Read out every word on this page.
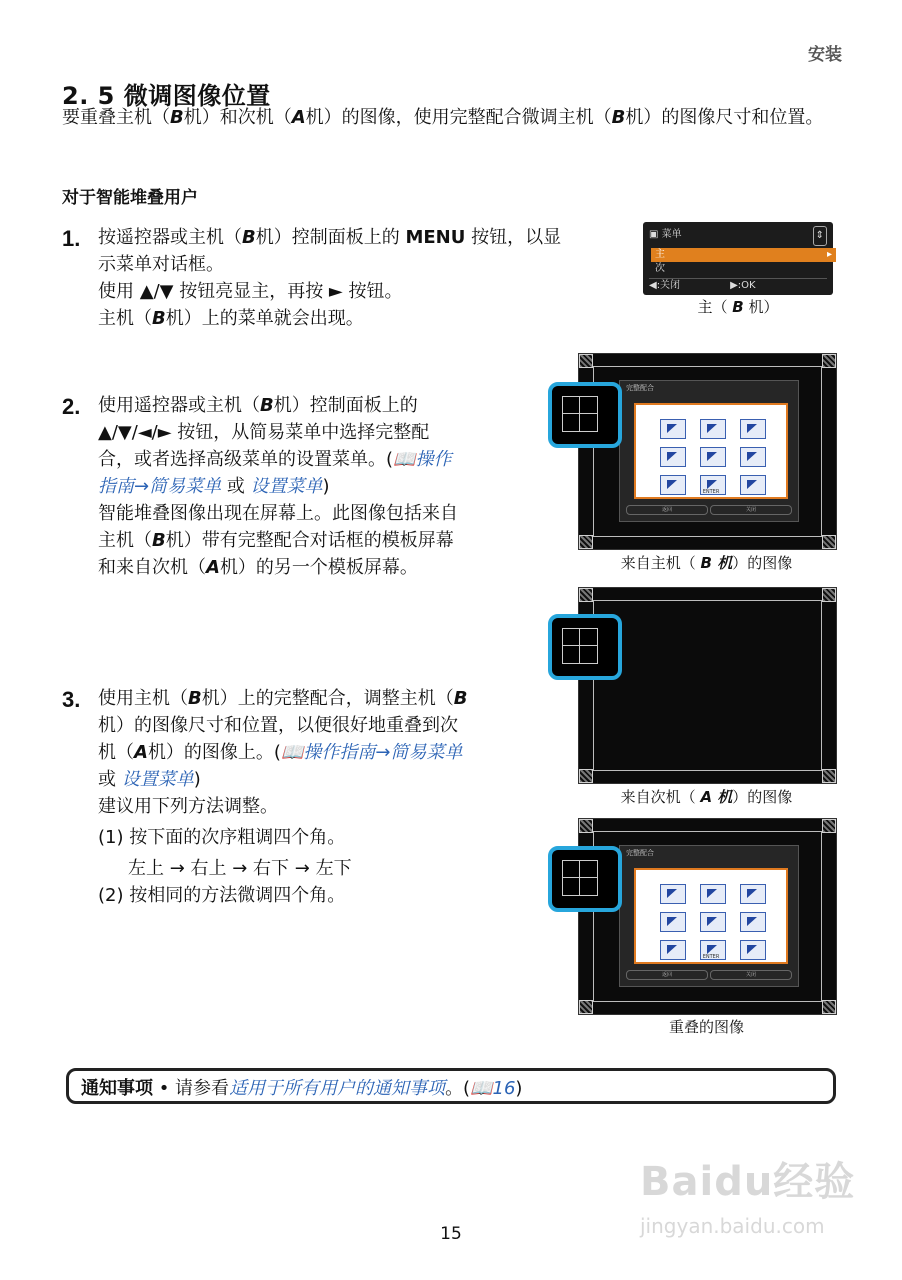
安装
2. 5 微调图像位置
要重叠主机（B机）和次机（A机）的图像，使用完整配合微调主机（B机）的图像尺寸和位置。
对于智能堆叠用户
1. 按遥控器或主机（B机）控制面板上的 MENU 按钮，以显
示菜单对话框。
使用 ▲/▼ 按钮亮显主，再按 ► 按钮。
主机（B机）上的菜单就会出现。
▣ 菜单	⇕
主	▸
次
◀:关闭	▶:OK
主（ B 机）
2. 使用遥控器或主机（B机）控制面板上的
▲/▼/◄/► 按钮，从简易菜单中选择完整配
合，或者选择高级菜单的设置菜单。(📖操作
指南→简易菜单 或 设置菜单)
智能堆叠图像出现在屏幕上。此图像包括来自
主机（B机）带有完整配合对话框的模板屏幕
和来自次机（A机）的另一个模板屏幕。
完整配合
ENTER
返回	关闭
来自主机（ B 机）的图像
来自次机（ A 机）的图像
3. 使用主机（B机）上的完整配合，调整主机（B
机）的图像尺寸和位置，以便很好地重叠到次
机（A机）的图像上。(📖操作指南→简易菜单
或 设置菜单)
建议用下列方法调整。
(1) 按下面的次序粗调四个角。
左上 → 右上 → 右下 → 左下
(2) 按相同的方法微调四个角。
完整配合
ENTER
返回	关闭
重叠的图像
通知事项 • 请参看适用于所有用户的通知事项。(📖16)
Baidu经验
jingyan.baidu.com
15
